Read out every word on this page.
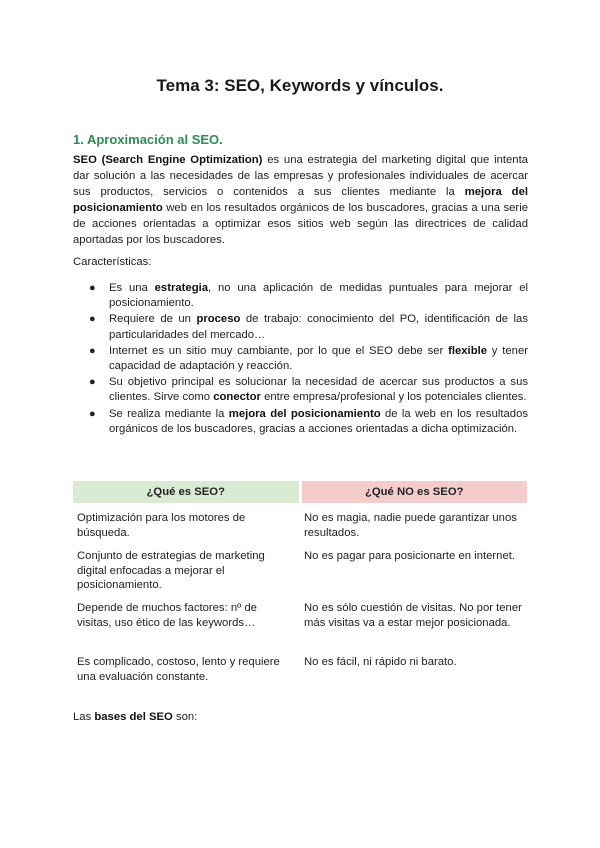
Tema 3: SEO, Keywords y vínculos.
1. Aproximación al SEO.

SEO (Search Engine Optimization) es una estrategia del marketing digital que intenta dar solución a las necesidades de las empresas y profesionales individuales de acercar sus productos, servicios o contenidos a sus clientes mediante la mejora del posicionamiento web en los resultados orgánicos de los buscadores, gracias a una serie de acciones orientadas a optimizar esos sitios web según las directrices de calidad aportadas por los buscadores.

Características:

● Es una estrategia, no una aplicación de medidas puntuales para mejorar el posicionamiento.
● Requiere de un proceso de trabajo: conocimiento del PO, identificación de las particularidades del mercado…
● Internet es un sitio muy cambiante, por lo que el SEO debe ser flexible y tener capacidad de adaptación y reacción.
● Su objetivo principal es solucionar la necesidad de acercar sus productos a sus clientes. Sirve como conector entre empresa/profesional y los potenciales clientes.
● Se realiza mediante la mejora del posicionamiento de la web en los resultados orgánicos de los buscadores, gracias a acciones orientadas a dicha optimización.
¿Qué es SEO?	¿Qué NO es SEO?
Optimización para los motores de búsqueda.	No es magia, nadie puede garantizar unos resultados.
Conjunto de estrategias de marketing digital enfocadas a mejorar el posicionamiento.	No es pagar para posicionarte en internet.
Depende de muchos factores: nº de visitas, uso ético de las keywords…	No es sólo cuestión de visitas. No por tener más visitas va a estar mejor posicionada.
Es complicado, costoso, lento y requiere una evaluación constante.	No es fácil, ni rápido ni barato.

Las bases del SEO son:
